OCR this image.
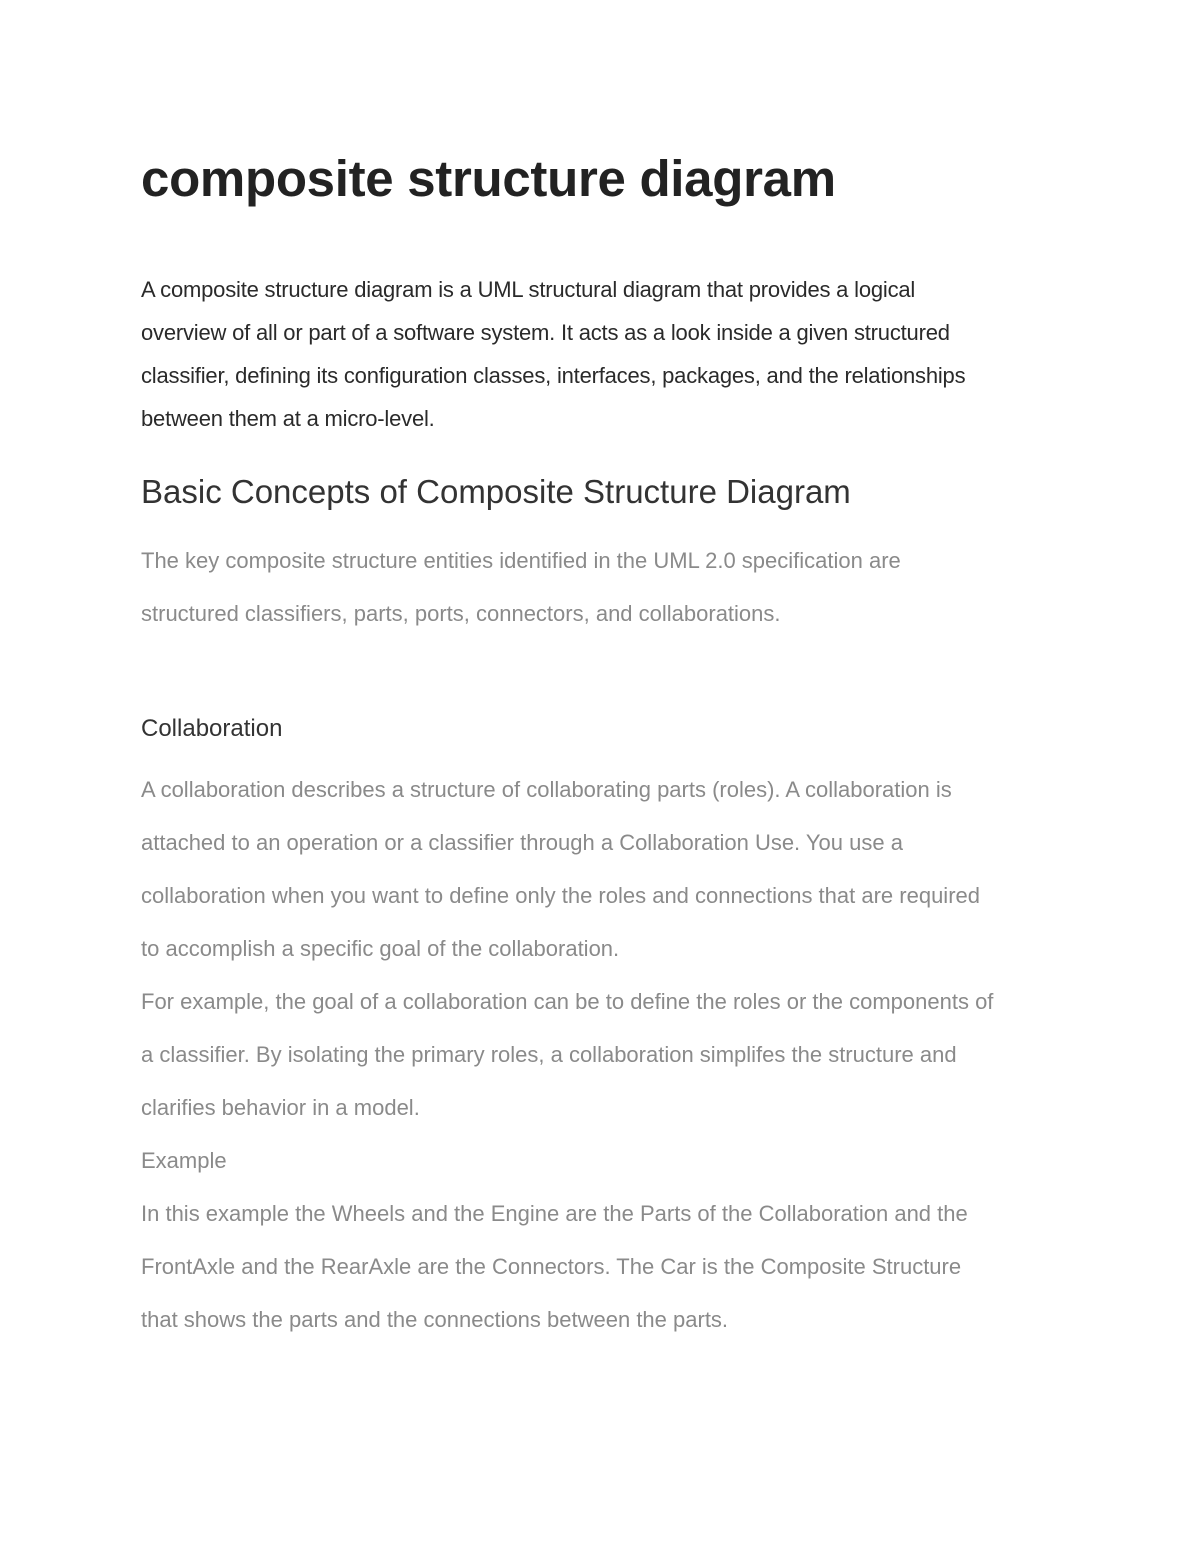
composite structure diagram

A composite structure diagram is a UML structural diagram that provides a logical
overview of all or part of a software system. It acts as a look inside a given structured
classifier, defining its configuration classes, interfaces, packages, and the relationships
between them at a micro-level.

Basic Concepts of Composite Structure Diagram

The key composite structure entities identified in the UML 2.0 specification are
structured classifiers, parts, ports, connectors, and collaborations.

Collaboration

A collaboration describes a structure of collaborating parts (roles). A collaboration is
attached to an operation or a classifier through a Collaboration Use. You use a
collaboration when you want to define only the roles and connections that are required
to accomplish a specific goal of the collaboration.
For example, the goal of a collaboration can be to define the roles or the components of
a classifier. By isolating the primary roles, a collaboration simplifes the structure and
clarifies behavior in a model.
Example
In this example the Wheels and the Engine are the Parts of the Collaboration and the
FrontAxle and the RearAxle are the Connectors. The Car is the Composite Structure
that shows the parts and the connections between the parts.
